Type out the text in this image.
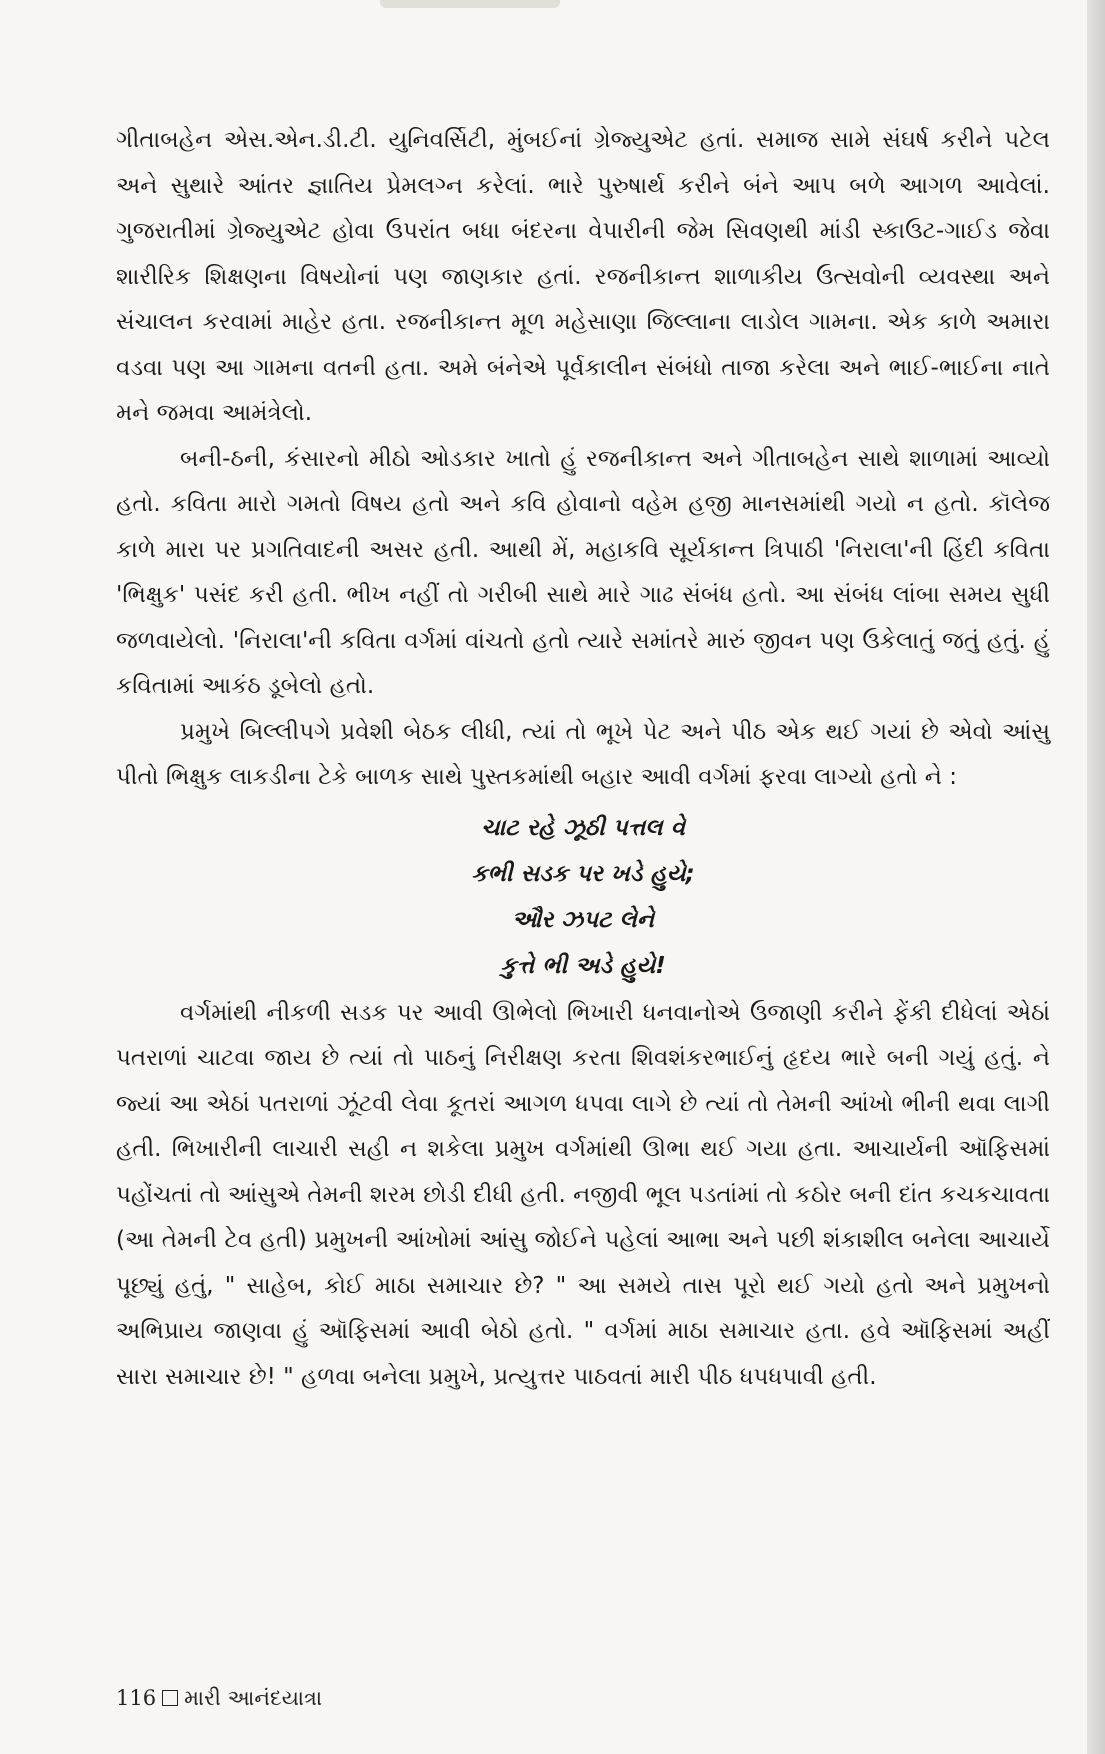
ગીતાબહેન એસ.એન.ડી.ટી. યુનિવર્સિટી, મુંબઈનાં ગ્રેજ્યુએટ હતાં. સમાજ સામે સંઘર્ષ કરીને પટેલ અને સુથારે આંતર જ્ઞાતિય પ્રેમલગ્ન કરેલાં. ભારે પુરુષાર્થ કરીને બંને આપ બળે આગળ આવેલાં. ગુજરાતીમાં ગ્રેજ્યુએટ હોવા ઉપરાંત બધા બંદરના વેપારીની જેમ સિવણથી માંડી સ્કાઉટ-ગાઈડ જેવા શારીરિક શિક્ષણના વિષયોનાં પણ જાણકાર હતાં. રજનીકાન્ત શાળાકીય ઉત્સવોની વ્યવસ્થા અને સંચાલન કરવામાં માહેર હતા. રજનીકાન્ત મૂળ મહેસાણા જિલ્લાના લાડોલ ગામના. એક કાળે અમારા વડવા પણ આ ગામના વતની હતા. અમે બંનેએ પૂર્વકાલીન સંબંધો તાજા કરેલા અને ભાઈ-ભાઈના નાતે મને જમવા આમંત્રેલો.

બની-ઠની, કંસારનો મીઠો ઓડકાર ખાતો હું રજનીકાન્ત અને ગીતાબહેન સાથે શાળામાં આવ્યો હતો. કવિતા મારો ગમતો વિષય હતો અને કવિ હોવાનો વહેમ હજી માનસમાંથી ગયો ન હતો. કૉલેજ કાળે મારા પર પ્રગતિવાદની અસર હતી. આથી મેં, મહાકવિ સૂર્યકાન્ત ત્રિપાઠી 'નિરાલા'ની હિંદી કવિતા 'ભિક્ષુક' પસંદ કરી હતી. ભીખ નહીં તો ગરીબી સાથે મારે ગાઢ સંબંધ હતો. આ સંબંધ લાંબા સમય સુધી જળવાયેલો. 'નિરાલા'ની કવિતા વર્ગમાં વાંચતો હતો ત્યારે સમાંતરે મારું જીવન પણ ઉકેલાતું જતું હતું. હું કવિતામાં આકંઠ ડૂબેલો હતો.

પ્રમુખે બિલ્લીપગે પ્રવેશી બેઠક લીધી, ત્યાં તો ભૂખે પેટ અને પીઠ એક થઈ ગયાં છે એવો આંસુ પીતો ભિક્ષુક લાકડીના ટેકે બાળક સાથે પુસ્તકમાંથી બહાર આવી વર્ગમાં ફરવા લાગ્યો હતો ને :

ચાટ રહે ઝૂઠી પત્તલ વે
કભી સડક પર ખડે હુયે;
ઔર ઝપટ લેને
કુત્તે ભી અડે હુયે!

વર્ગમાંથી નીકળી સડક પર આવી ઊભેલો ભિખારી ધનવાનોએ ઉજાણી કરીને ફેંકી દીધેલાં એઠાં પતરાળાં ચાટવા જાય છે ત્યાં તો પાઠનું નિરીક્ષણ કરતા શિવશંકરભાઈનું હૃદય ભારે બની ગયું હતું. ને જ્યાં આ એઠાં પતરાળાં ઝૂંટવી લેવા કૂતરાં આગળ ધપવા લાગે છે ત્યાં તો તેમની આંખો ભીની થવા લાગી હતી. ભિખારીની લાચારી સહી ન શકેલા પ્રમુખ વર્ગમાંથી ઊભા થઈ ગયા હતા. આચાર્યની ઑફિસમાં પહોંચતાં તો આંસુએ તેમની શરમ છોડી દીધી હતી. નજીવી ભૂલ પડતાંમાં તો કઠોર બની દાંત કચકચાવતા (આ તેમની ટેવ હતી) પ્રમુખની આંખોમાં આંસુ જોઈને પહેલાં આભા અને પછી શંકાશીલ બનેલા આચાર્યે પૂછ્યું હતું, " સાહેબ, કોઈ માઠા સમાચાર છે? " આ સમયે તાસ પૂરો થઈ ગયો હતો અને પ્રમુખનો અભિપ્રાય જાણવા હું ઑફિસમાં આવી બેઠો હતો. " વર્ગમાં માઠા સમાચાર હતા. હવે ઑફિસમાં અહીં સારા સમાચાર છે! " હળવા બનેલા પ્રમુખે, પ્રત્યુત્તર પાઠવતાં મારી પીઠ ધપધપાવી હતી.

116 મારી આનંદયાત્રા
